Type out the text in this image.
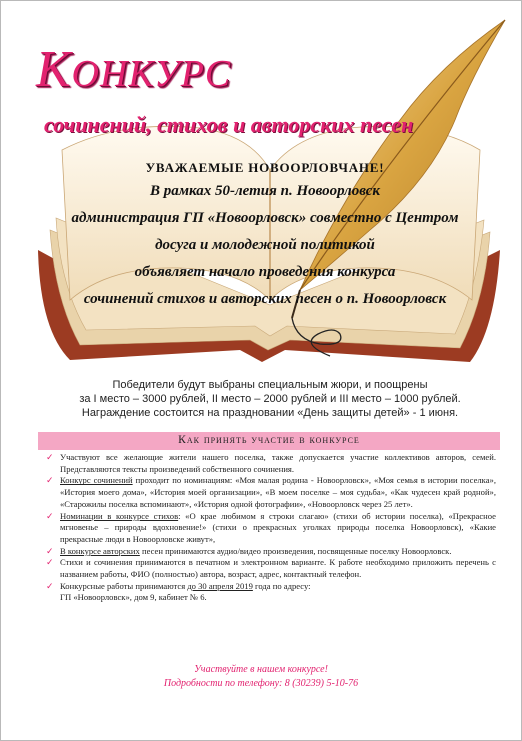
КОНКУРС
сочинений, стихов и авторских песен
УВАЖАЕМЫЕ НОВООРЛОВЧАНЕ!
В рамках 50-летия п. Новоорловск
администрация ГП «Новоорловск» совместно с Центром
досуга и молодежной политикой
объявляет начало проведения конкурса
сочинений стихов и авторских песен о п. Новоорловск
Победители будут выбраны специальным жюри, и поощрены
за I место – 3000 рублей, II место – 2000 рублей и III место – 1000 рублей.
Награждение состоится на праздновании «День защиты детей» - 1 июня.
Как принять участие в конкурсе
✓ Участвуют все желающие жители нашего поселка, также допускается участие коллективов авторов, семей. Представляются тексты произведений собственного сочинения.
✓ Конкурс сочинений проходит по номинациям: «Моя малая родина - Новоорловск», «Моя семья в истории поселка», «История моего дома», «История моей организации», «В моем поселке – моя судьба», «Как чудесен край родной», «Старожилы поселка вспоминают», «История одной фотографии», «Новоорловск через 25 лет».
✓ Номинации в конкурсе стихов: «О крае любимом я строки слагаю» (стихи об истории поселка), «Прекрасное мгновенье – природы вдохновение!» (стихи о прекрасных уголках природы поселка Новоорловск), «Какие прекрасные люди в Новоорловске живут»,
✓ В конкурсе авторских песен принимаются аудио/видео произведения, посвященные поселку Новоорловск.
✓ Стихи и сочинения принимаются в печатном и электронном варианте. К работе необходимо приложить перечень с названием работы, ФИО (полностью) автора, возраст, адрес, контактный телефон.
✓ Конкурсные работы принимаются до 30 апреля 2019 года по адресу:
ГП «Новоорловск», дом 9, кабинет № 6.
Участвуйте в нашем конкурсе!
Подробности по телефону: 8 (30239) 5-10-76
